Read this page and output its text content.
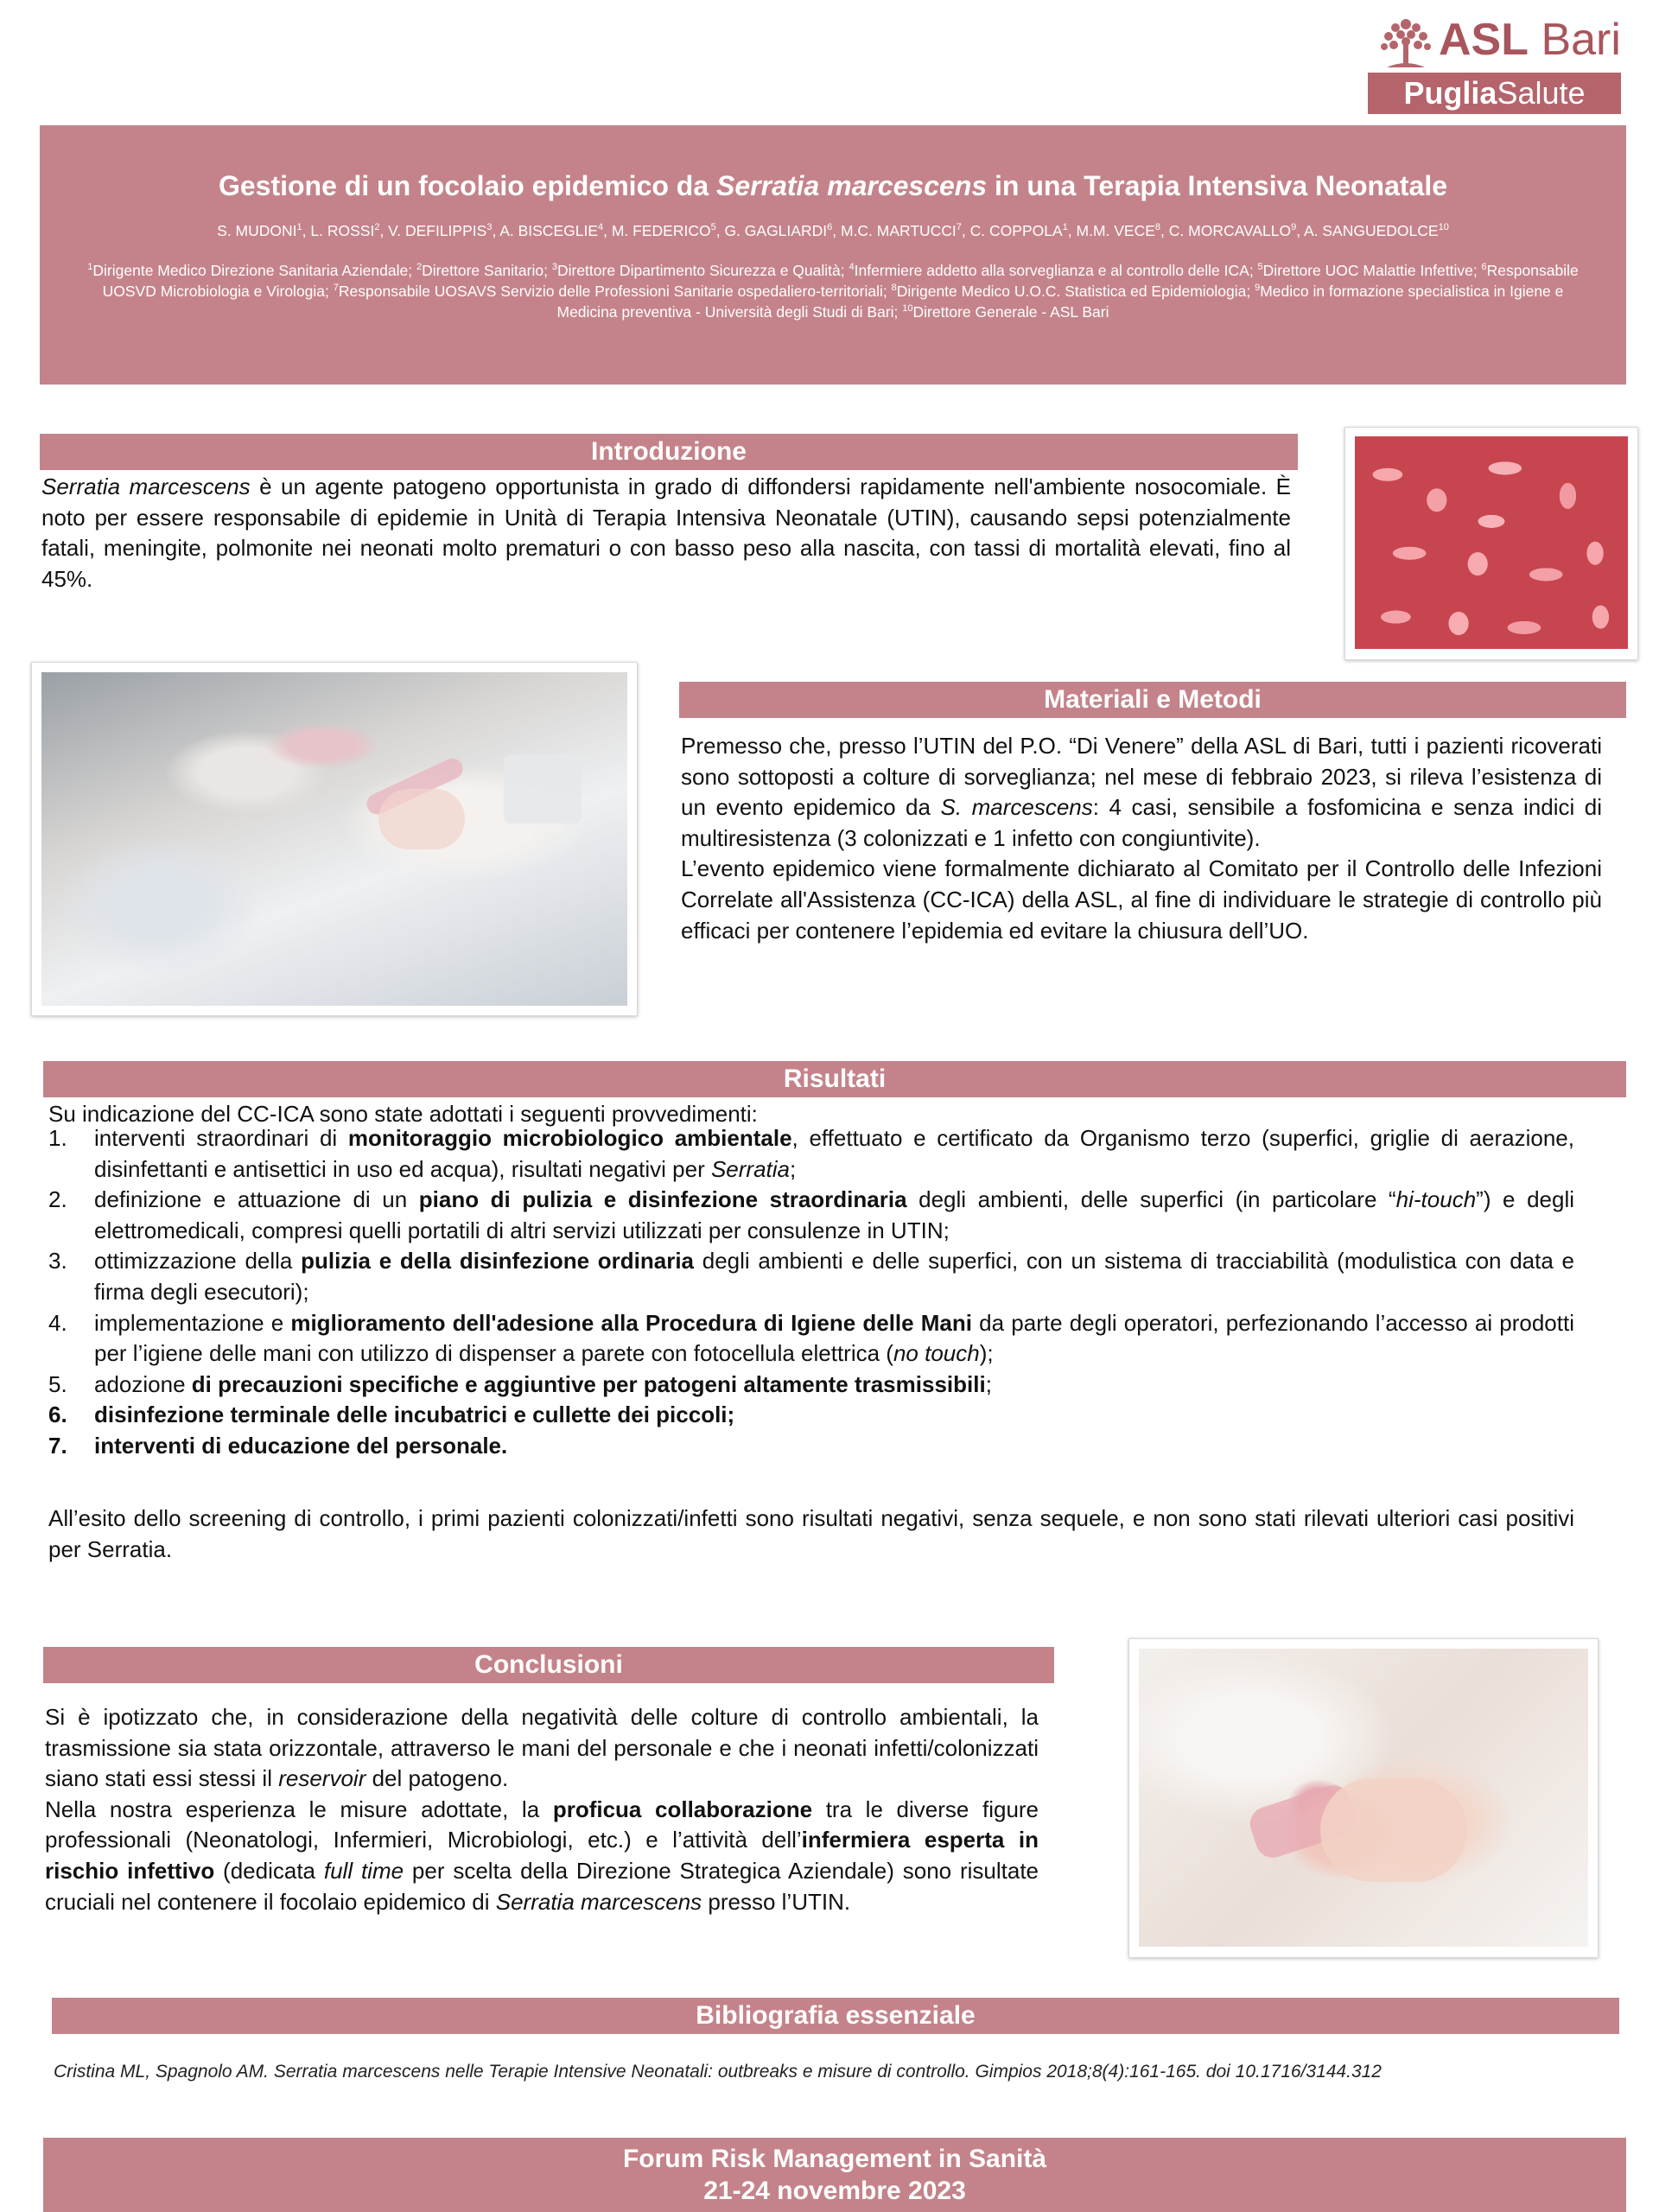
ASL Bari
PugliaSalute
Gestione di un focolaio epidemico da Serratia marcescens in una Terapia Intensiva Neonatale
S. MUDONI$^1$, L. ROSSI$^2$, V. DEFILIPPIS$^3$, A. BISCEGLIE$^4$, M. FEDERICO$^5$, G. GAGLIARDI$^6$, M.C. MARTUCCI$^7$, C. COPPOLA$^1$, M.M. VECE$^8$, C. MORCAVALLO$^9$, A. SANGUEDOLCE$^{10}$
$^1$Dirigente Medico Direzione Sanitaria Aziendale; $^2$Direttore Sanitario; $^3$Direttore Dipartimento Sicurezza e Qualità; $^4$Infermiere addetto alla sorveglianza e al controllo delle ICA; $^5$Direttore UOC Malattie Infettive; $^6$Responsabile UOSVD Microbiologia e Virologia; $^7$Responsabile UOSAVS Servizio delle Professioni Sanitarie ospedaliero-territoriali; $^8$Dirigente Medico U.O.C. Statistica ed Epidemiologia; $^9$Medico in formazione specialistica in Igiene e Medicina preventiva - Università degli Studi di Bari; $^{10}$Direttore Generale - ASL Bari
Introduzione
Serratia marcescens è un agente patogeno opportunista in grado di diffondersi rapidamente nell'ambiente nosocomiale. È noto per essere responsabile di epidemie in Unità di Terapia Intensiva Neonatale (UTIN), causando sepsi potenzialmente fatali, meningite, polmonite nei neonati molto prematuri o con basso peso alla nascita, con tassi di mortalità elevati, fino al 45%.
Materiali e Metodi
Premesso che, presso l’UTIN del P.O. “Di Venere” della ASL di Bari, tutti i pazienti ricoverati sono sottoposti a colture di sorveglianza; nel mese di febbraio 2023, si rileva l’esistenza di un evento epidemico da S. marcescens: 4 casi, sensibile a fosfomicina e senza indici di multiresistenza (3 colonizzati e 1 infetto con congiuntivite).
L’evento epidemico viene formalmente dichiarato al Comitato per il Controllo delle Infezioni Correlate all'Assistenza (CC-ICA) della ASL, al fine di individuare le strategie di controllo più efficaci per contenere l’epidemia ed evitare la chiusura dell’UO.
Risultati
Su indicazione del CC-ICA sono state adottati i seguenti provvedimenti:
1. interventi straordinari di monitoraggio microbiologico ambientale, effettuato e certificato da Organismo terzo (superfici, griglie di aerazione, disinfettanti e antisettici in uso ed acqua), risultati negativi per Serratia;
2. definizione e attuazione di un piano di pulizia e disinfezione straordinaria degli ambienti, delle superfici (in particolare “hi-touch”) e degli elettromedicali, compresi quelli portatili di altri servizi utilizzati per consulenze in UTIN;
3. ottimizzazione della pulizia e della disinfezione ordinaria degli ambienti e delle superfici, con un sistema di tracciabilità (modulistica con data e firma degli esecutori);
4. implementazione e miglioramento dell'adesione alla Procedura di Igiene delle Mani da parte degli operatori, perfezionando l’accesso ai prodotti per l’igiene delle mani con utilizzo di dispenser a parete con fotocellula elettrica (no touch);
5. adozione di precauzioni specifiche e aggiuntive per patogeni altamente trasmissibili;
6. disinfezione terminale delle incubatrici e cullette dei piccoli;
7. interventi di educazione del personale.
All’esito dello screening di controllo, i primi pazienti colonizzati/infetti sono risultati negativi, senza sequele, e non sono stati rilevati ulteriori casi positivi per Serratia.
Conclusioni
Si è ipotizzato che, in considerazione della negatività delle colture di controllo ambientali, la trasmissione sia stata orizzontale, attraverso le mani del personale e che i neonati infetti/colonizzati siano stati essi stessi il reservoir del patogeno.
Nella nostra esperienza le misure adottate, la proficua collaborazione tra le diverse figure professionali (Neonatologi, Infermieri, Microbiologi, etc.) e l’attività dell’infermiera esperta in rischio infettivo (dedicata full time per scelta della Direzione Strategica Aziendale) sono risultate cruciali nel contenere il focolaio epidemico di Serratia marcescens presso l’UTIN.
Bibliografia essenziale
Cristina ML, Spagnolo AM. Serratia marcescens nelle Terapie Intensive Neonatali: outbreaks e misure di controllo. Gimpios 2018;8(4):161-165. doi 10.1716/3144.312
Forum Risk Management in Sanità
21-24 novembre 2023
